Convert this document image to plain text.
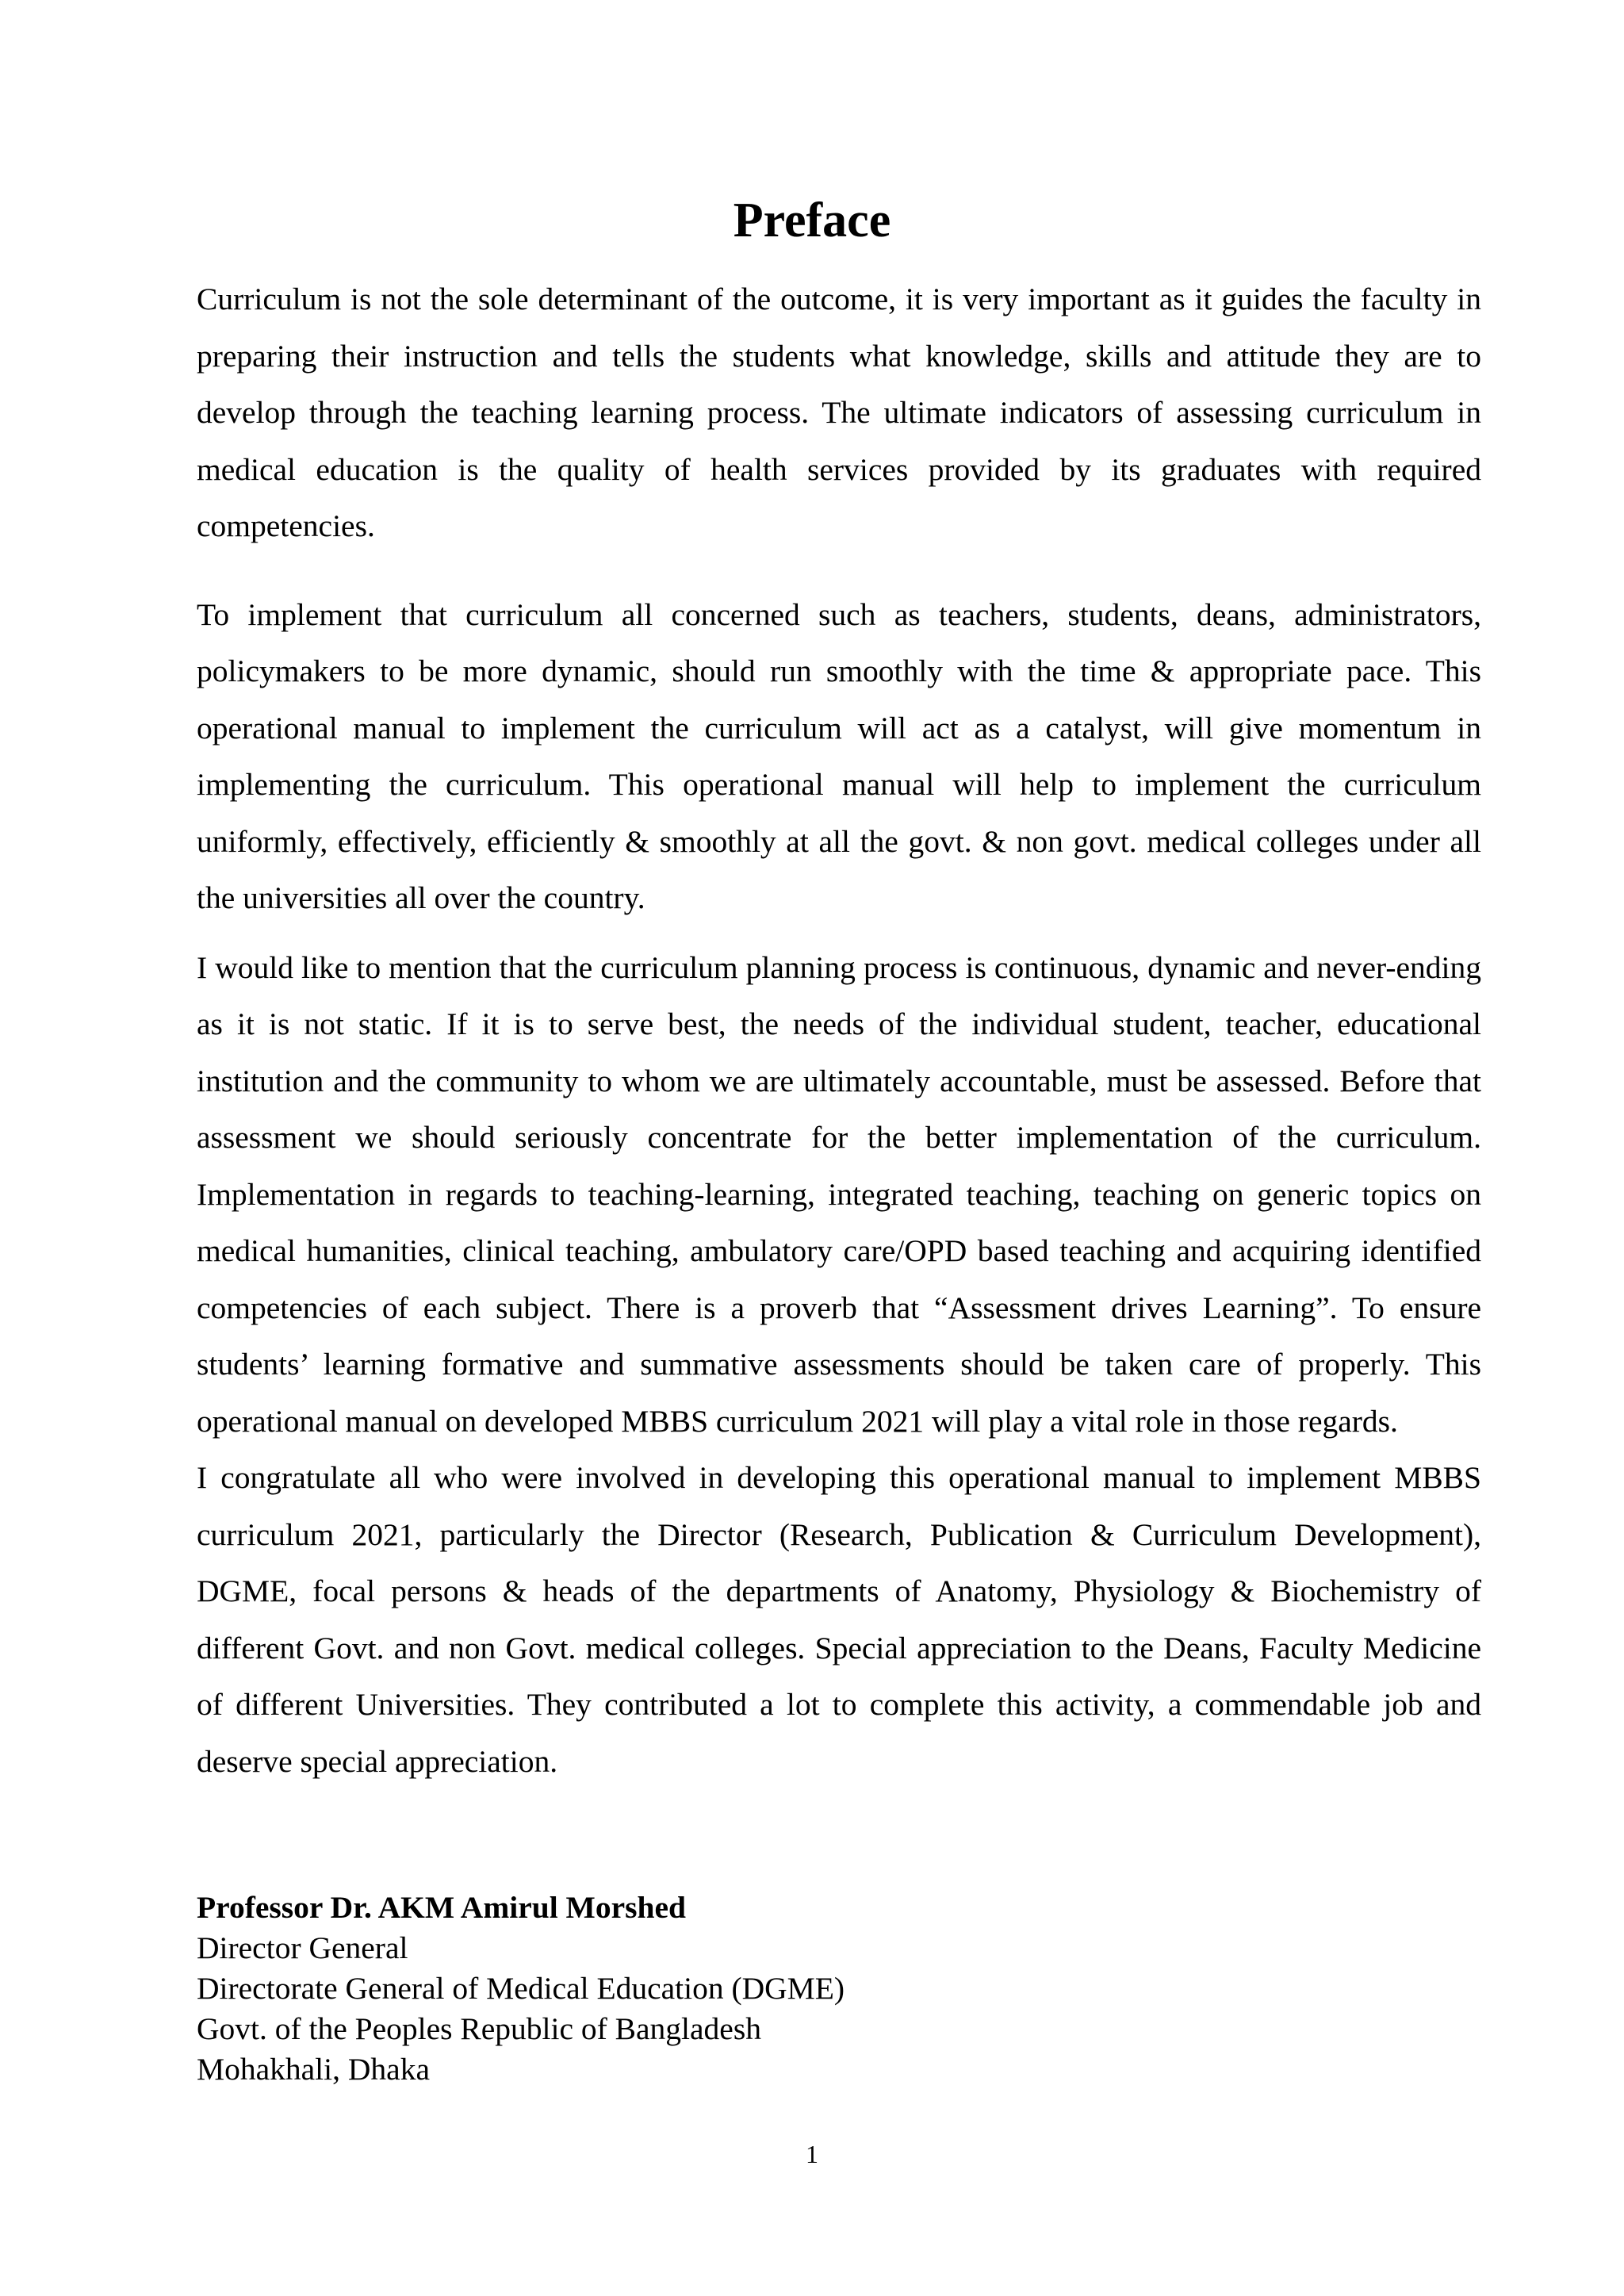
Preface

Curriculum is not the sole determinant of the outcome, it is very important as it guides the faculty in preparing their instruction and tells the students what knowledge, skills and attitude they are to develop through the teaching learning process. The ultimate indicators of assessing curriculum in medical education is the quality of health services provided by its graduates with required competencies.

To implement that curriculum all concerned such as teachers, students, deans, administrators, policymakers to be more dynamic, should run smoothly with the time & appropriate pace. This operational manual to implement the curriculum will act as a catalyst, will give momentum in implementing the curriculum. This operational manual will help to implement the curriculum uniformly, effectively, efficiently & smoothly at all the govt. & non govt. medical colleges under all the universities all over the country.

I would like to mention that the curriculum planning process is continuous, dynamic and never-ending as it is not static. If it is to serve best, the needs of the individual student, teacher, educational institution and the community to whom we are ultimately accountable, must be assessed. Before that assessment we should seriously concentrate for the better implementation of the curriculum. Implementation in regards to teaching-learning, integrated teaching, teaching on generic topics on medical humanities, clinical teaching, ambulatory care/OPD based teaching and acquiring identified competencies of each subject. There is a proverb that “Assessment drives Learning”. To ensure students’ learning formative and summative assessments should be taken care of properly. This operational manual on developed MBBS curriculum 2021 will play a vital role in those regards.

I congratulate all who were involved in developing this operational manual to implement MBBS curriculum 2021, particularly the Director (Research, Publication & Curriculum Development), DGME, focal persons & heads of the departments of Anatomy, Physiology & Biochemistry of different Govt. and non Govt. medical colleges. Special appreciation to the Deans, Faculty Medicine of different Universities. They contributed a lot to complete this activity, a commendable job and deserve special appreciation.

Professor Dr. AKM Amirul Morshed
Director General
Directorate General of Medical Education (DGME)
Govt. of the Peoples Republic of Bangladesh
Mohakhali, Dhaka
1
